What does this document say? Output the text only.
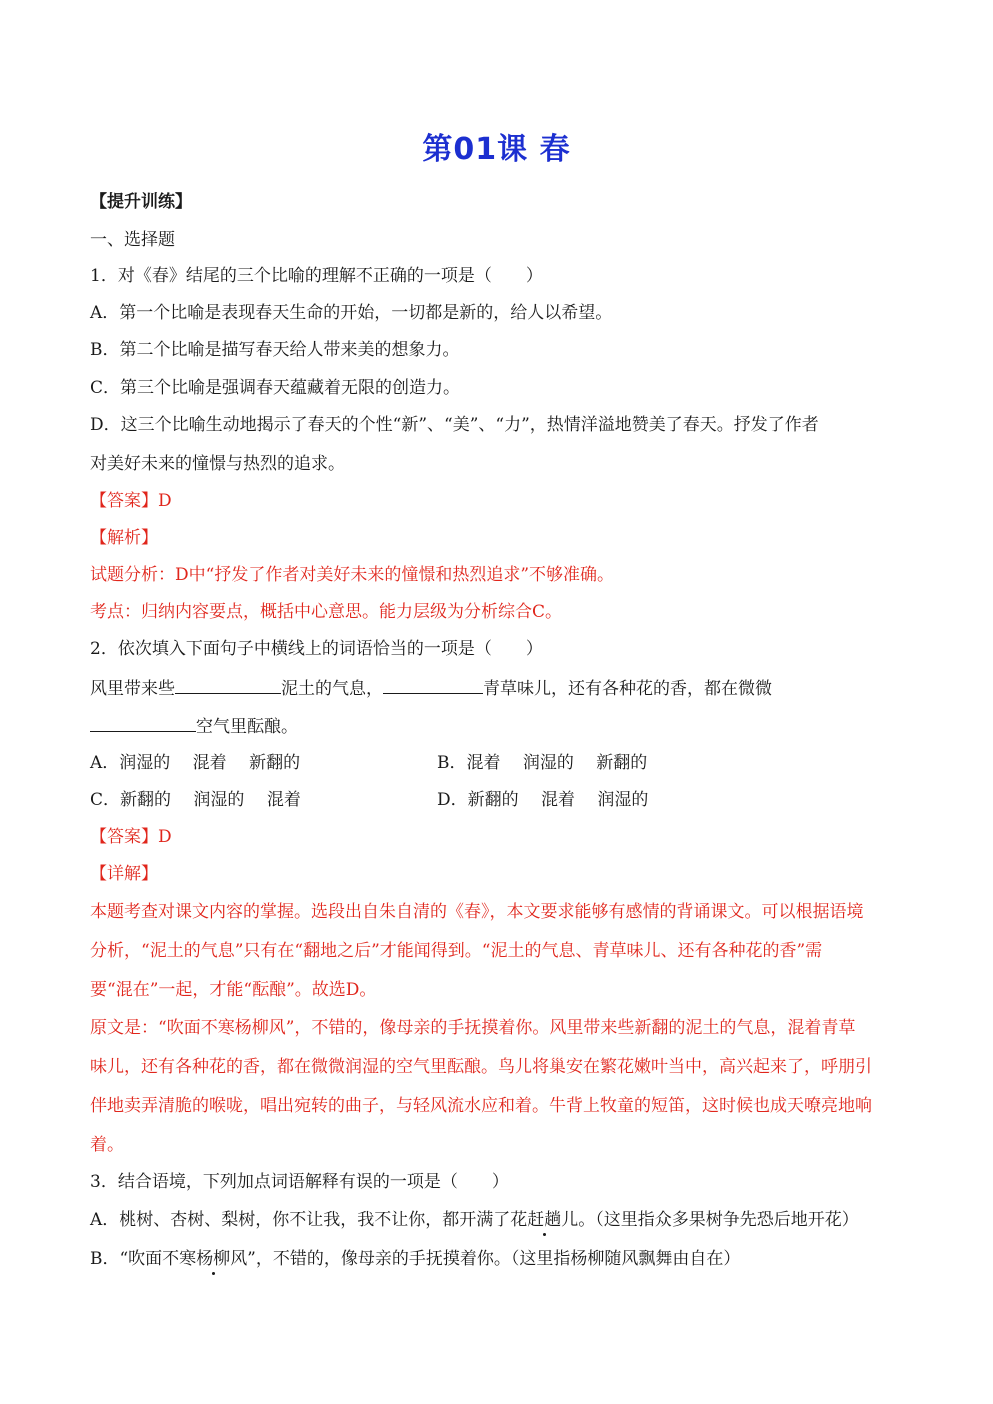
第01课 春
【提升训练】
一、选择题
1．对《春》结尾的三个比喻的理解不正确的一项是（　　）
A．第一个比喻是表现春天生命的开始，一切都是新的，给人以希望。
B．第二个比喻是描写春天给人带来美的想象力。
C．第三个比喻是强调春天蕴藏着无限的创造力。
D．这三个比喻生动地揭示了春天的个性“新”、“美”、“力”，热情洋溢地赞美了春天。抒发了作者
对美好未来的憧憬与热烈的追求。
【答案】D
【解析】
试题分析：D中“抒发了作者对美好未来的憧憬和热烈追求”不够准确。
考点：归纳内容要点，概括中心意思。能力层级为分析综合C。
2．依次填入下面句子中横线上的词语恰当的一项是（　　）
风里带来些	泥土的气息，	青草味儿，还有各种花的香，都在微微
空气里酝酿。
A．润湿的　 混着　 新翻的	B．混着　 润湿的　 新翻的
C．新翻的　 润湿的　 混着	D．新翻的　 混着　 润湿的
【答案】D
【详解】
本题考查对课文内容的掌握。选段出自朱自清的《春》，本文要求能够有感情的背诵课文。可以根据语境
分析，“泥土的气息”只有在“翻地之后”才能闻得到。“泥土的气息、青草味儿、还有各种花的香”需
要“混在”一起，才能“酝酿”。故选D。
原文是：“吹面不寒杨柳风”，不错的，像母亲的手抚摸着你。风里带来些新翻的泥土的气息，混着青草
味儿，还有各种花的香，都在微微润湿的空气里酝酿。鸟儿将巢安在繁花嫩叶当中，高兴起来了，呼朋引
伴地卖弄清脆的喉咙，唱出宛转的曲子，与轻风流水应和着。牛背上牧童的短笛，这时候也成天嘹亮地响
着。
3．结合语境，下列加点词语解释有误的一项是（　　）
A．桃树、杏树、梨树，你不让我，我不让你，都开满了花赶趟儿。（这里指众多果树争先恐后地开花）
B．“吹面不寒杨柳风”，不错的，像母亲的手抚摸着你。（这里指杨柳随风飘舞由自在）
